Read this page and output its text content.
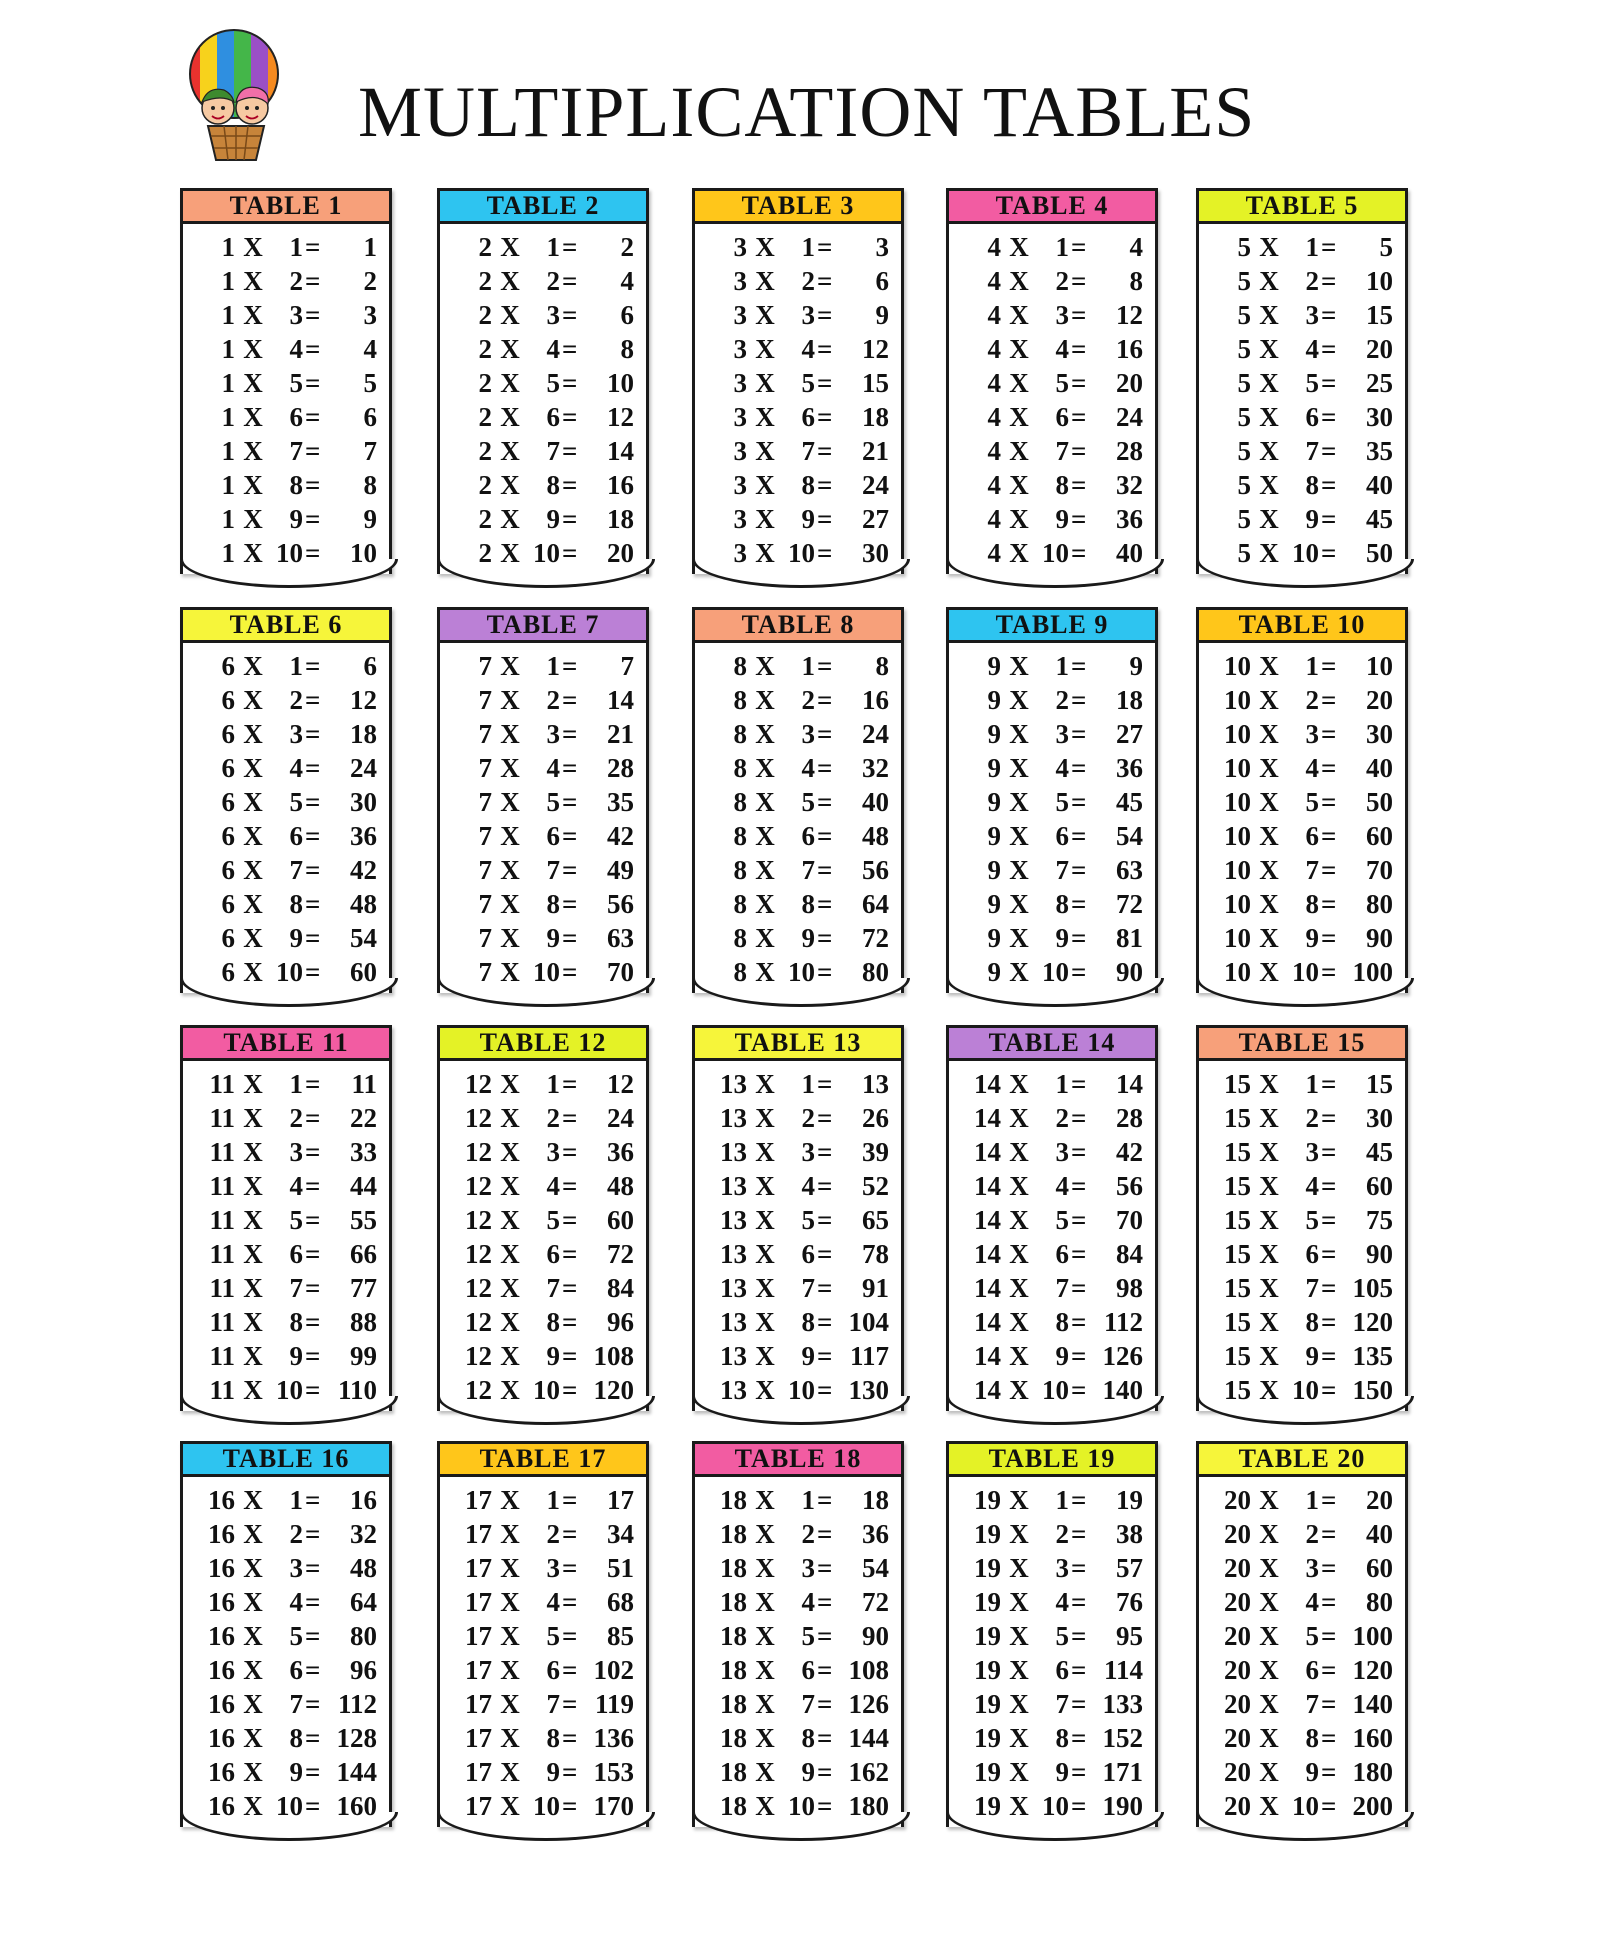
MULTIPLICATION TABLES
TABLE 1
1 X 1 =	1
1 X 2 =	2
1 X 3 =	3
1 X 4 =	4
1 X 5 =	5
1 X 6 =	6
1 X 7 =	7
1 X 8 =	8
1 X 9 =	9
1 X 10 =	10
TABLE 2
2 X 1 =	2
2 X 2 =	4
2 X 3 =	6
2 X 4 =	8
2 X 5 =	10
2 X 6 =	12
2 X 7 =	14
2 X 8 =	16
2 X 9 =	18
2 X 10 =	20
TABLE 3
3 X 1 =	3
3 X 2 =	6
3 X 3 =	9
3 X 4 =	12
3 X 5 =	15
3 X 6 =	18
3 X 7 =	21
3 X 8 =	24
3 X 9 =	27
3 X 10 =	30
TABLE 4
4 X 1 =	4
4 X 2 =	8
4 X 3 =	12
4 X 4 =	16
4 X 5 =	20
4 X 6 =	24
4 X 7 =	28
4 X 8 =	32
4 X 9 =	36
4 X 10 =	40
TABLE 5
5 X 1 =	5
5 X 2 =	10
5 X 3 =	15
5 X 4 =	20
5 X 5 =	25
5 X 6 =	30
5 X 7 =	35
5 X 8 =	40
5 X 9 =	45
5 X 10 =	50
TABLE 6
6 X 1 =	6
6 X 2 =	12
6 X 3 =	18
6 X 4 =	24
6 X 5 =	30
6 X 6 =	36
6 X 7 =	42
6 X 8 =	48
6 X 9 =	54
6 X 10 =	60
TABLE 7
7 X 1 =	7
7 X 2 =	14
7 X 3 =	21
7 X 4 =	28
7 X 5 =	35
7 X 6 =	42
7 X 7 =	49
7 X 8 =	56
7 X 9 =	63
7 X 10 =	70
TABLE 8
8 X 1 =	8
8 X 2 =	16
8 X 3 =	24
8 X 4 =	32
8 X 5 =	40
8 X 6 =	48
8 X 7 =	56
8 X 8 =	64
8 X 9 =	72
8 X 10 =	80
TABLE 9
9 X 1 =	9
9 X 2 =	18
9 X 3 =	27
9 X 4 =	36
9 X 5 =	45
9 X 6 =	54
9 X 7 =	63
9 X 8 =	72
9 X 9 =	81
9 X 10 =	90
TABLE 10
10 X 1 =	10
10 X 2 =	20
10 X 3 =	30
10 X 4 =	40
10 X 5 =	50
10 X 6 =	60
10 X 7 =	70
10 X 8 =	80
10 X 9 =	90
10 X 10 = 100
TABLE 11
11 X 1 =	11
11 X 2 =	22
11 X 3 =	33
11 X 4 =	44
11 X 5 =	55
11 X 6 =	66
11 X 7 =	77
11 X 8 =	88
11 X 9 =	99
11 X 10 = 110
TABLE 12
12 X 1 =	12
12 X 2 =	24
12 X 3 =	36
12 X 4 =	48
12 X 5 =	60
12 X 6 =	72
12 X 7 =	84
12 X 8 =	96
12 X 9 = 108
12 X 10 = 120
TABLE 13
13 X 1 =	13
13 X 2 =	26
13 X 3 =	39
13 X 4 =	52
13 X 5 =	65
13 X 6 =	78
13 X 7 =	91
13 X 8 = 104
13 X 9 = 117
13 X 10 = 130
TABLE 14
14 X 1 =	14
14 X 2 =	28
14 X 3 =	42
14 X 4 =	56
14 X 5 =	70
14 X 6 =	84
14 X 7 =	98
14 X 8 = 112
14 X 9 = 126
14 X 10 = 140
TABLE 15
15 X 1 =	15
15 X 2 =	30
15 X 3 =	45
15 X 4 =	60
15 X 5 =	75
15 X 6 =	90
15 X 7 = 105
15 X 8 = 120
15 X 9 = 135
15 X 10 = 150
TABLE 16
16 X 1 =	16
16 X 2 =	32
16 X 3 =	48
16 X 4 =	64
16 X 5 =	80
16 X 6 =	96
16 X 7 = 112
16 X 8 = 128
16 X 9 = 144
16 X 10 = 160
TABLE 17
17 X 1 =	17
17 X 2 =	34
17 X 3 =	51
17 X 4 =	68
17 X 5 =	85
17 X 6 = 102
17 X 7 = 119
17 X 8 = 136
17 X 9 = 153
17 X 10 = 170
TABLE 18
18 X 1 =	18
18 X 2 =	36
18 X 3 =	54
18 X 4 =	72
18 X 5 =	90
18 X 6 = 108
18 X 7 = 126
18 X 8 = 144
18 X 9 = 162
18 X 10 = 180
TABLE 19
19 X 1 =	19
19 X 2 =	38
19 X 3 =	57
19 X 4 =	76
19 X 5 =	95
19 X 6 = 114
19 X 7 = 133
19 X 8 = 152
19 X 9 = 171
19 X 10 = 190
TABLE 20
20 X 1 =	20
20 X 2 =	40
20 X 3 =	60
20 X 4 =	80
20 X 5 = 100
20 X 6 = 120
20 X 7 = 140
20 X 8 = 160
20 X 9 = 180
20 X 10 = 200
